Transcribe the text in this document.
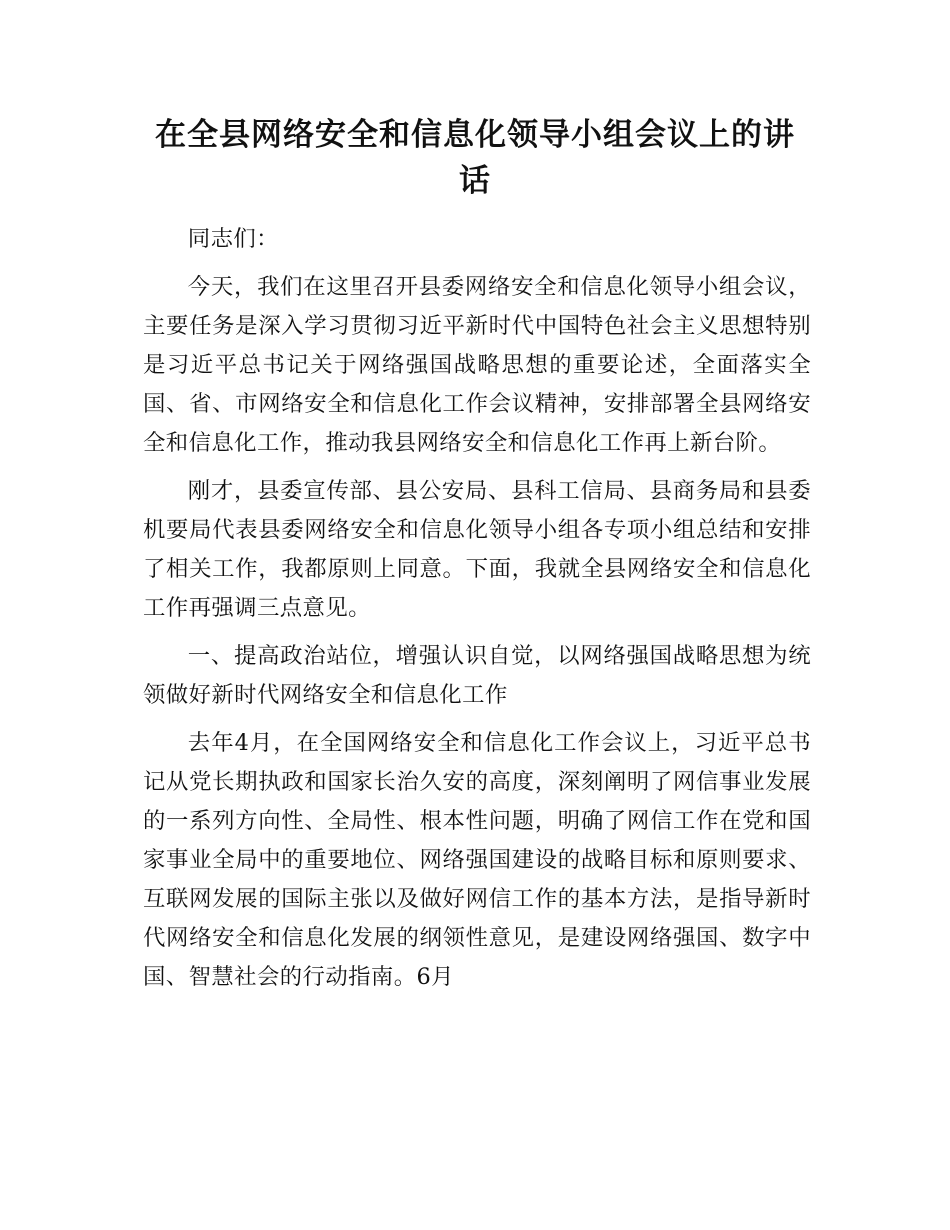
在全县网络安全和信息化领导小组会议上的讲话

同志们：

今天，我们在这里召开县委网络安全和信息化领导小组会议，主要任务是深入学习贯彻习近平新时代中国特色社会主义思想特别是习近平总书记关于网络强国战略思想的重要论述，全面落实全国、省、市网络安全和信息化工作会议精神，安排部署全县网络安全和信息化工作，推动我县网络安全和信息化工作再上新台阶。

刚才，县委宣传部、县公安局、县科工信局、县商务局和县委机要局代表县委网络安全和信息化领导小组各专项小组总结和安排了相关工作，我都原则上同意。下面，我就全县网络安全和信息化工作再强调三点意见。

一、提高政治站位，增强认识自觉，以网络强国战略思想为统领做好新时代网络安全和信息化工作

去年4月，在全国网络安全和信息化工作会议上，习近平总书记从党长期执政和国家长治久安的高度，深刻阐明了网信事业发展的一系列方向性、全局性、根本性问题，明确了网信工作在党和国家事业全局中的重要地位、网络强国建设的战略目标和原则要求、互联网发展的国际主张以及做好网信工作的基本方法，是指导新时代网络安全和信息化发展的纲领性意见，是建设网络强国、数字中国、智慧社会的行动指南。6月
